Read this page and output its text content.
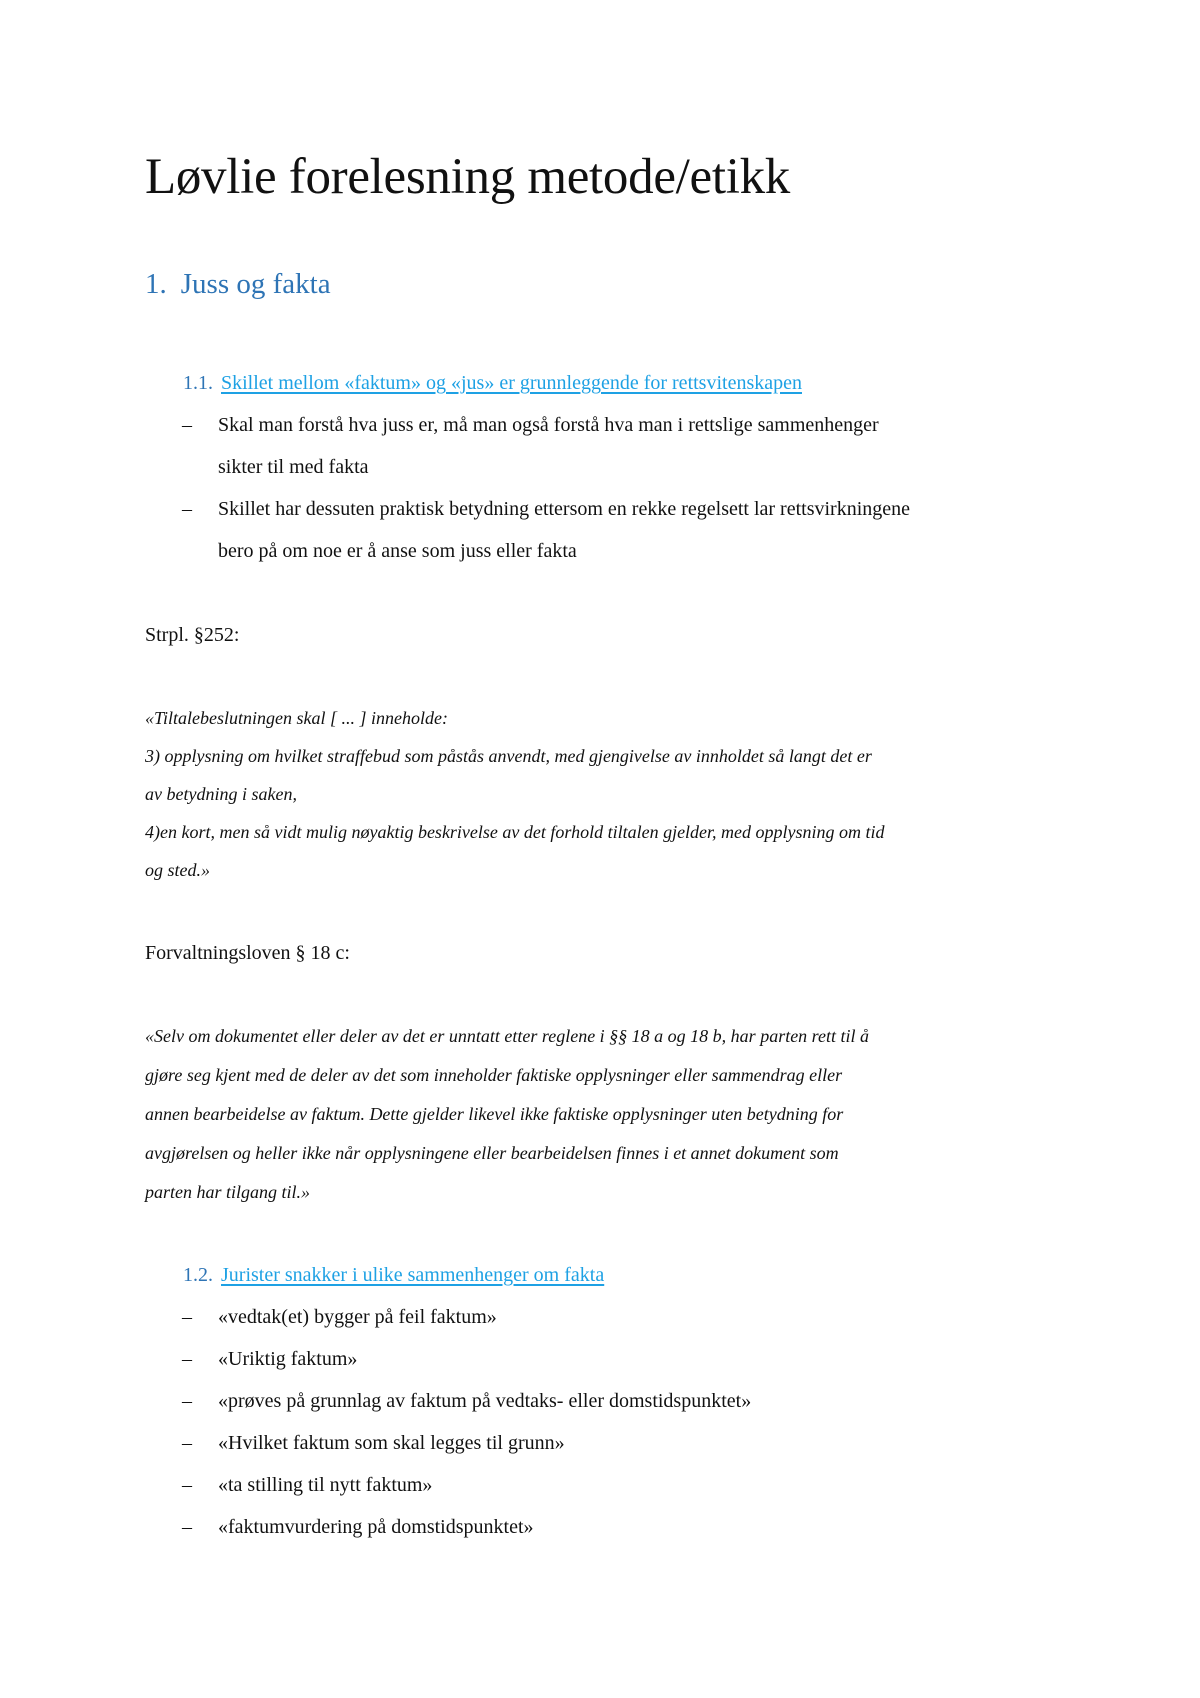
Løvlie forelesning metode/etikk
1. Juss og fakta
1.1. Skillet mellom «faktum» og «jus» er grunnleggende for rettsvitenskapen
– Skal man forstå hva juss er, må man også forstå hva man i rettslige sammenhenger
sikter til med fakta
– Skillet har dessuten praktisk betydning ettersom en rekke regelsett lar rettsvirkningene
bero på om noe er å anse som juss eller fakta
Strpl. §252:
«Tiltalebeslutningen skal [ ... ] inneholde:
3) opplysning om hvilket straffebud som påstås anvendt, med gjengivelse av innholdet så langt det er
av betydning i saken,
4)en kort, men så vidt mulig nøyaktig beskrivelse av det forhold tiltalen gjelder, med opplysning om tid
og sted.»
Forvaltningsloven § 18 c:
«Selv om dokumentet eller deler av det er unntatt etter reglene i §§ 18 a og 18 b, har parten rett til å
gjøre seg kjent med de deler av det som inneholder faktiske opplysninger eller sammendrag eller
annen bearbeidelse av faktum. Dette gjelder likevel ikke faktiske opplysninger uten betydning for
avgjørelsen og heller ikke når opplysningene eller bearbeidelsen finnes i et annet dokument som
parten har tilgang til.»
1.2. Jurister snakker i ulike sammenhenger om fakta
– «vedtak(et) bygger på feil faktum»
– «Uriktig faktum»
– «prøves på grunnlag av faktum på vedtaks- eller domstidspunktet»
– «Hvilket faktum som skal legges til grunn»
– «ta stilling til nytt faktum»
– «faktumvurdering på domstidspunktet»
